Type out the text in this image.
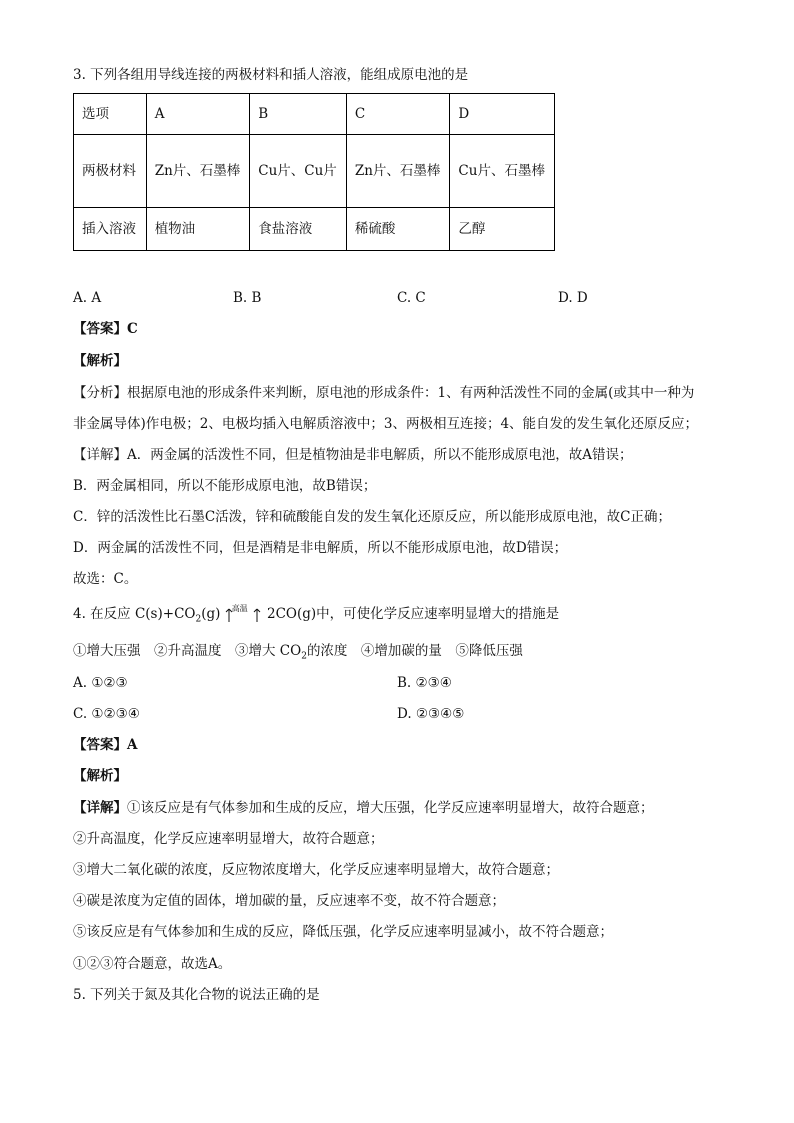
3. 下列各组用导线连接的两极材料和插人溶液，能组成原电池的是
选项	A	B	C	D
两极材料	Zn片、石墨棒	Cu片、Cu片	Zn片、石墨棒	Cu片、石墨棒
插入溶液	植物油	食盐溶液	稀硫酸	乙醇
A. A	B. B	C. C	D. D
【答案】C
【解析】
【分析】根据原电池的形成条件来判断，原电池的形成条件：1、有两种活泼性不同的金属(或其中一种为
非金属导体)作电极；2、电极均插入电解质溶液中；3、两极相互连接；4、能自发的发生氧化还原反应；
【详解】A．两金属的活泼性不同，但是植物油是非电解质，所以不能形成原电池，故A错误；
B．两金属相同，所以不能形成原电池，故B错误；
C．锌的活泼性比石墨C活泼，锌和硫酸能自发的发生氧化还原反应，所以能形成原电池，故C正确；
D．两金属的活泼性不同，但是酒精是非电解质，所以不能形成原电池，故D错误；
故选：C。
4. 在反应 $C(s)+CO_2(g)$ 高温 2CO(g)中，可使化学反应速率明显增大的措施是
①增大压强　②升高温度　③增大 $CO_2$的浓度　④增加碳的量　⑤降低压强
A. ①②③	B. ②③④
C. ①②③④	D. ②③④⑤
【答案】A
【解析】
【详解】①该反应是有气体参加和生成的反应，增大压强，化学反应速率明显增大，故符合题意；
②升高温度，化学反应速率明显增大，故符合题意；
③增大二氧化碳的浓度，反应物浓度增大，化学反应速率明显增大，故符合题意；
④碳是浓度为定值的固体，增加碳的量，反应速率不变，故不符合题意；
⑤该反应是有气体参加和生成的反应，降低压强，化学反应速率明显减小，故不符合题意；
①②③符合题意，故选A。
5. 下列关于氮及其化合物的说法正确的是
